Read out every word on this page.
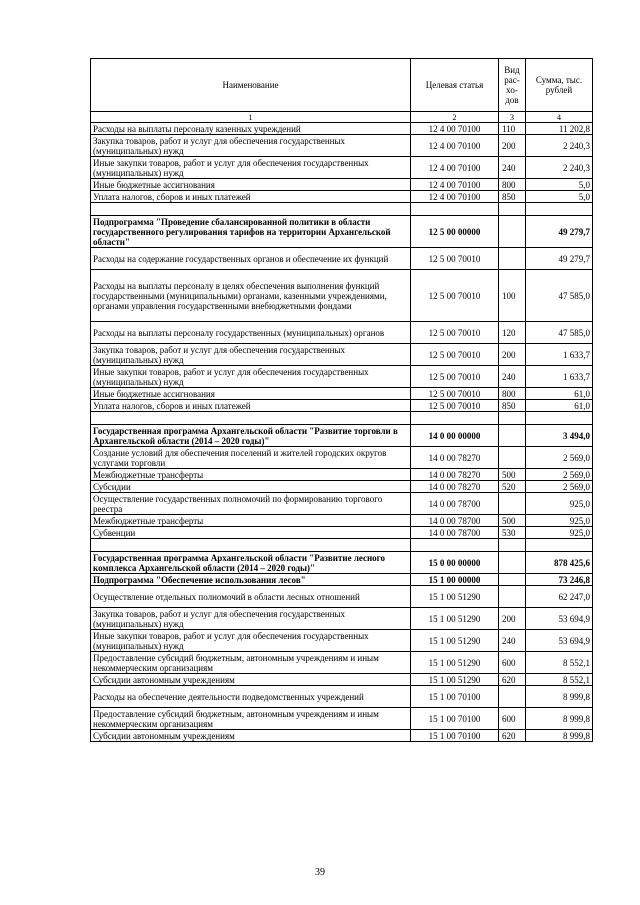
Наименование	Целевая статья	Вид рас- хо- дов	Сумма, тыс. рублей
1	2	3	4
Расходы на выплаты персоналу казенных учреждений	12 4 00 70100	110	11 202,8
Закупка товаров, работ и услуг для обеспечения государственных (муниципальных) нужд	12 4 00 70100	200	2 240,3
Иные закупки товаров, работ и услуг для обеспечения государственных (муниципальных) нужд	12 4 00 70100	240	2 240,3
Иные бюджетные ассигнования	12 4 00 70100	800	5,0
Уплата налогов, сборов и иных платежей	12 4 00 70100	850	5,0

Подпрограмма "Проведение сбалансированной политики в области государственного регулирования тарифов на территории Архангельской области"	12 5 00 00000		49 279,7
Расходы на содержание государственных органов и обеспечение их функций	12 5 00 70010		49 279,7
Расходы на выплаты персоналу в целях обеспечения выполнения функций государственными (муниципальными) органами, казенными учреждениями, органами управления государственными внебюджетными фондами	12 5 00 70010	100	47 585,0
Расходы на выплаты персоналу государственных (муниципальных) органов	12 5 00 70010	120	47 585,0
Закупка товаров, работ и услуг для обеспечения государственных (муниципальных) нужд	12 5 00 70010	200	1 633,7
Иные закупки товаров, работ и услуг для обеспечения государственных (муниципальных) нужд	12 5 00 70010	240	1 633,7
Иные бюджетные ассигнования	12 5 00 70010	800	61,0
Уплата налогов, сборов и иных платежей	12 5 00 70010	850	61,0

Государственная программа Архангельской области "Развитие торговли в Архангельской области (2014 – 2020 годы)"	14 0 00 00000		3 494,0
Создание условий для обеспечения поселений и жителей городских округов услугами торговли	14 0 00 78270		2 569,0
Межбюджетные трансферты	14 0 00 78270	500	2 569,0
Субсидии	14 0 00 78270	520	2 569,0
Осуществление государственных полномочий по формированию торгового реестра	14 0 00 78700		925,0
Межбюджетные трансферты	14 0 00 78700	500	925,0
Субвенции	14 0 00 78700	530	925,0

Государственная программа Архангельской области "Развитие лесного комплекса Архангельской области (2014 – 2020 годы)"	15 0 00 00000		878 425,6
Подпрограмма "Обеспечение использования лесов"	15 1 00 00000		73 246,8
Осуществление отдельных полномочий в области лесных отношений	15 1 00 51290		62 247,0
Закупка товаров, работ и услуг для обеспечения государственных (муниципальных) нужд	15 1 00 51290	200	53 694,9
Иные закупки товаров, работ и услуг для обеспечения государственных (муниципальных) нужд	15 1 00 51290	240	53 694,9
Предоставление субсидий бюджетным, автономным учреждениям и иным некоммерческим организациям	15 1 00 51290	600	8 552,1
Субсидии автономным учреждениям	15 1 00 51290	620	8 552,1
Расходы на обеспечение деятельности подведомственных учреждений	15 1 00 70100		8 999,8
Предоставление субсидий бюджетным, автономным учреждениям и иным некоммерческим организациям	15 1 00 70100	600	8 999,8
Субсидии автономным учреждениям	15 1 00 70100	620	8 999,8
39
